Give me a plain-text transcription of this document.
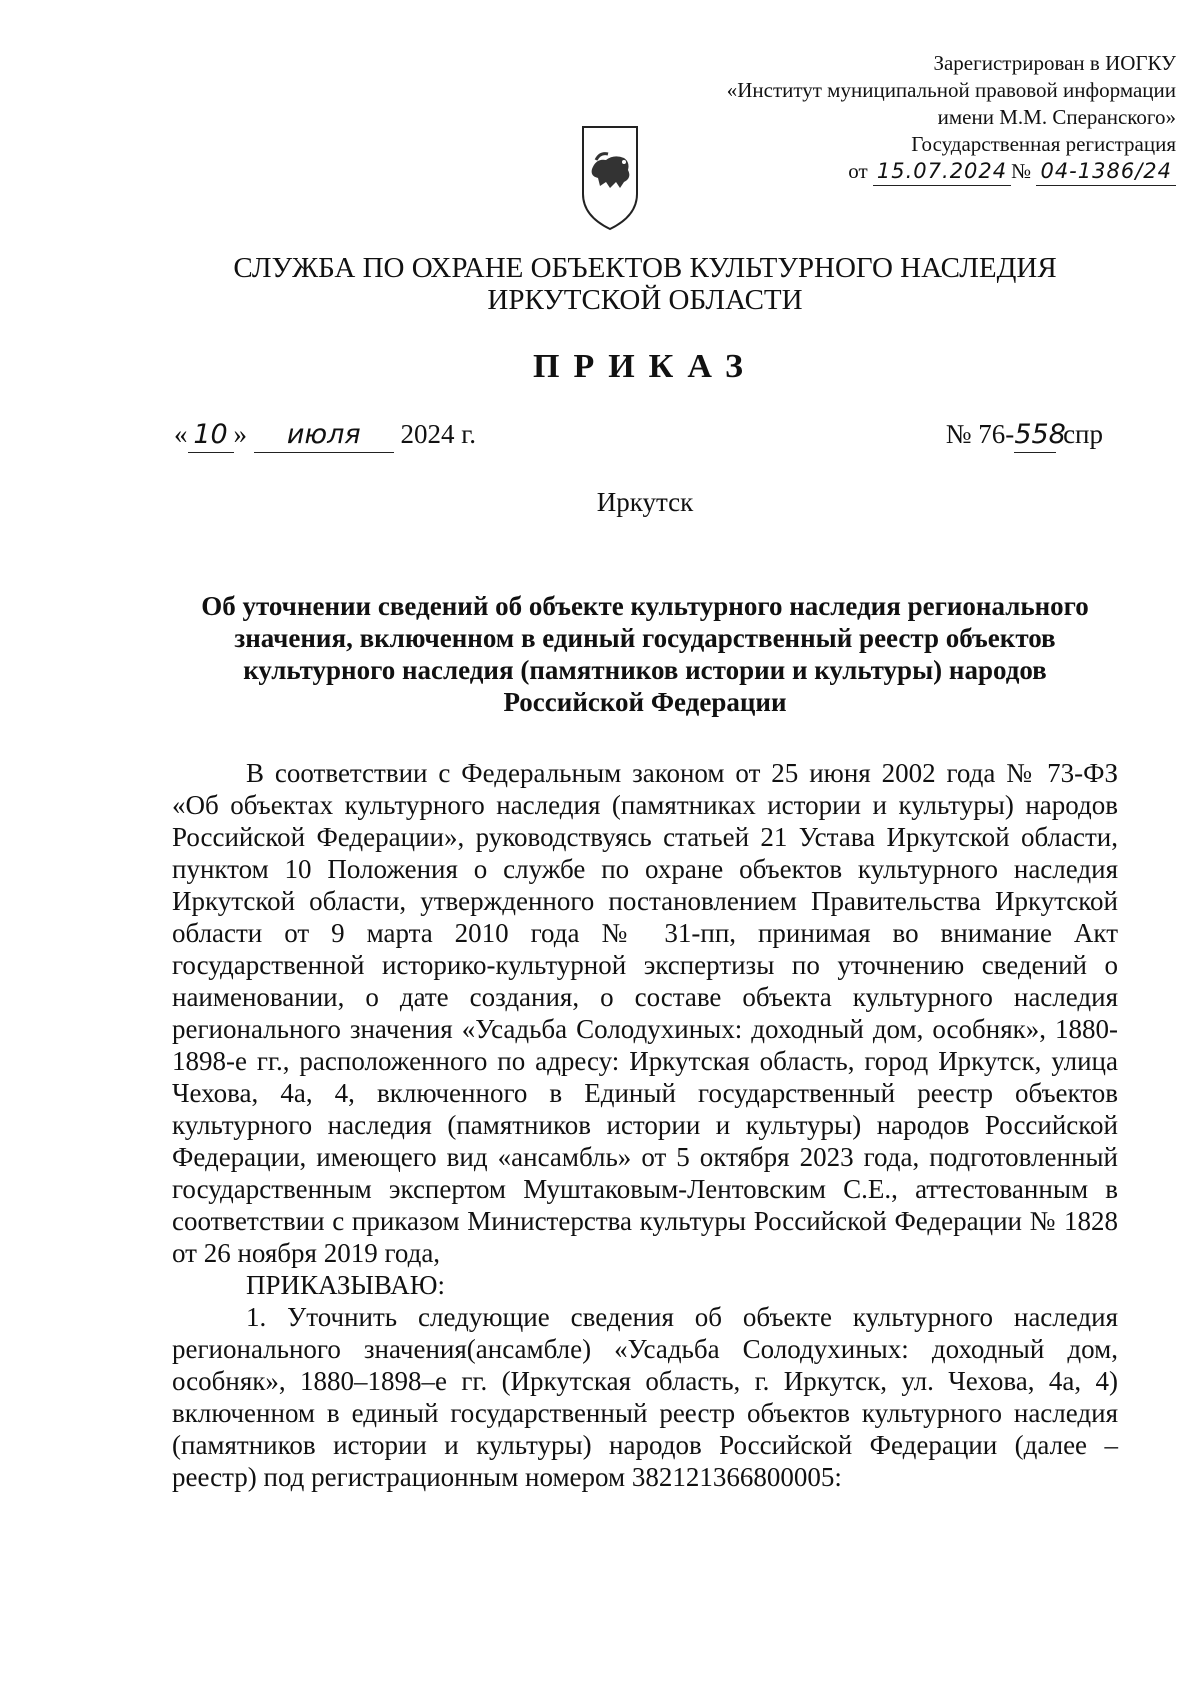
Зарегистрирован в ИОГКУ
«Институт муниципальной правовой информации
имени М.М. Сперанского»
Государственная регистрация
от 15.07.2024 № 04-1386/24
СЛУЖБА ПО ОХРАНЕ ОБЪЕКТОВ КУЛЬТУРНОГО НАСЛЕДИЯ
ИРКУТСКОЙ ОБЛАСТИ
ПРИКАЗ
« 10 » июля 2024 г.	№ 76-558 спр
Иркутск
Об уточнении сведений об объекте культурного наследия регионального значения, включенном в единый государственный реестр объектов культурного наследия (памятников истории и культуры) народов Российской Федерации

В соответствии с Федеральным законом от 25 июня 2002 года № 73-ФЗ «Об объектах культурного наследия (памятниках истории и культуры) народов Российской Федерации», руководствуясь статьей 21 Устава Иркутской области, пунктом 10 Положения о службе по охране объектов культурного наследия Иркутской области, утвержденного постановлением Правительства Иркутской области от 9 марта 2010 года № 31-пп, принимая во внимание Акт государственной историко-культурной экспертизы по уточнению сведений о наименовании, о дате создания, о составе объекта культурного наследия регионального значения «Усадьба Солодухиных: доходный дом, особняк», 1880-1898-е гг., расположенного по адресу: Иркутская область, город Иркутск, улица Чехова, 4а, 4, включенного в Единый государственный реестр объектов культурного наследия (памятников истории и культуры) народов Российской Федерации, имеющего вид «ансамбль» от 5 октября 2023 года, подготовленный государственным экспертом Муштаковым-Лентовским С.Е., аттестованным в соответствии с приказом Министерства культуры Российской Федерации № 1828 от 26 ноября 2019 года,

ПРИКАЗЫВАЮ:

1. Уточнить следующие сведения об объекте культурного наследия регионального значения(ансамбле) «Усадьба Солодухиных: доходный дом, особняк», 1880–1898–е гг. (Иркутская область, г. Иркутск, ул. Чехова, 4а, 4) включенном в единый государственный реестр объектов культурного наследия (памятников истории и культуры) народов Российской Федерации (далее – реестр) под регистрационным номером 382121366800005:
